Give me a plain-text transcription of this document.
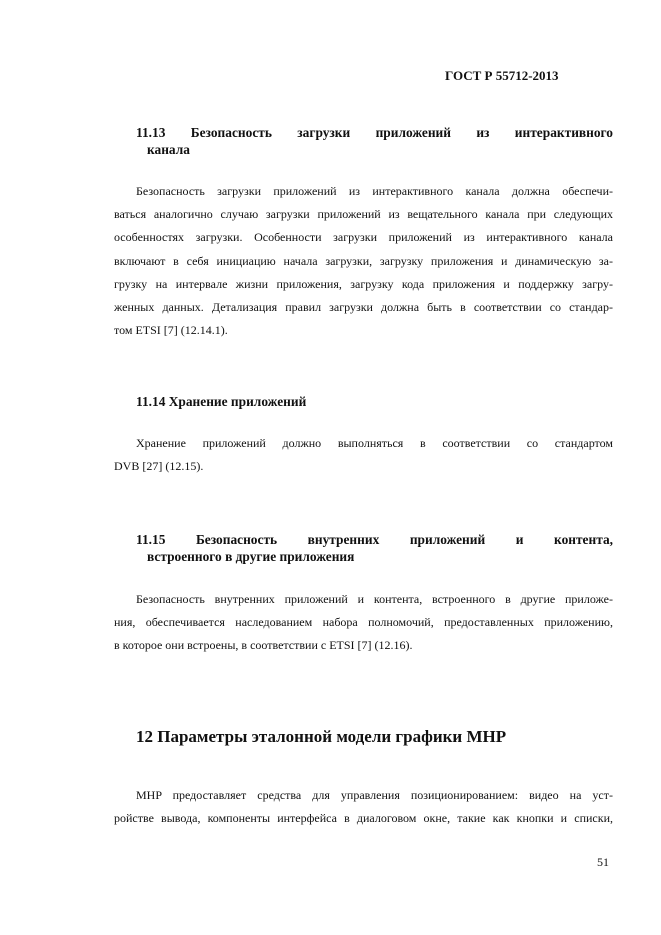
ГОСТ Р 55712-2013
11.13 Безопасность загрузки приложений из интерактивного
канала
Безопасность загрузки приложений из интерактивного канала должна обеспечи-
ваться аналогично случаю загрузки приложений из вещательного канала при следующих
особенностях загрузки. Особенности загрузки приложений из интерактивного канала
включают в себя инициацию начала загрузки, загрузку приложения и динамическую за-
грузку на интервале жизни приложения, загрузку кода приложения и поддержку загру-
женных данных. Детализация правил загрузки должна быть в соответствии со стандар-
том ETSI [7] (12.14.1).
11.14 Хранение приложений
Хранение приложений должно выполняться в соответствии со стандартом
DVB [27] (12.15).
11.15 Безопасность внутренних приложений и контента,
встроенного в другие приложения
Безопасность внутренних приложений и контента, встроенного в другие приложе-
ния, обеспечивается наследованием набора полномочий, предоставленных приложению,
в которое они встроены, в соответствии с ETSI [7] (12.16).
12 Параметры эталонной модели графики MHP
MHP предоставляет средства для управления позиционированием: видео на уст-
ройстве вывода, компоненты интерфейса в диалоговом окне, такие как кнопки и списки,
51
